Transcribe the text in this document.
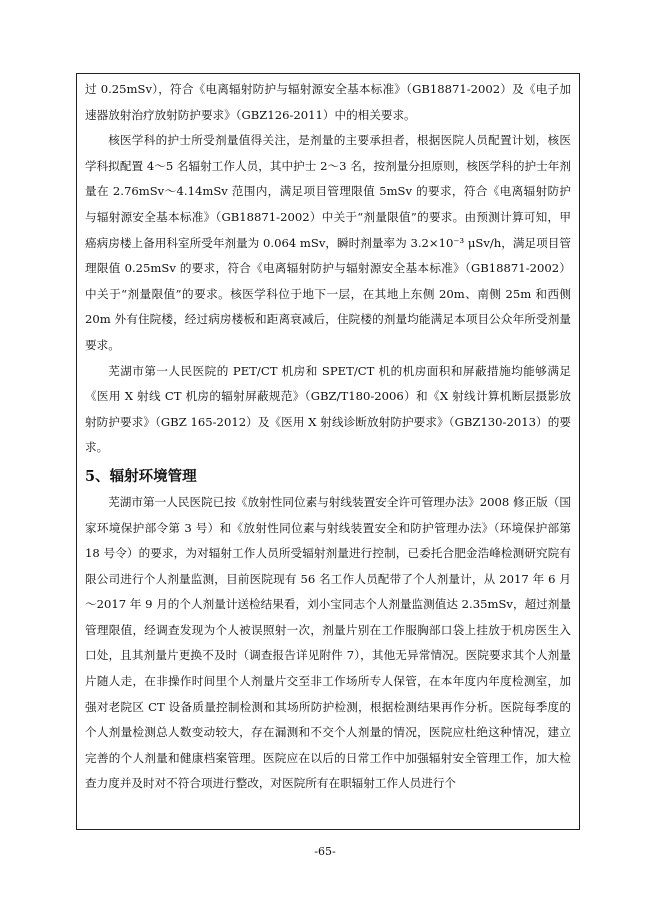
过 0.25mSv），符合《电离辐射防护与辐射源安全基本标准》（GB18871-2002）及《电子加速器放射治疗放射防护要求》（GBZ126-2011）中的相关要求。

核医学科的护士所受剂量值得关注，是剂量的主要承担者，根据医院人员配置计划，核医学科拟配置 4～5 名辐射工作人员，其中护士 2～3 名，按剂量分担原则，核医学科的护士年剂量在 2.76mSv～4.14mSv 范围内，满足项目管理限值 5mSv 的要求，符合《电离辐射防护与辐射源安全基本标准》（GB18871-2002）中关于“剂量限值”的要求。由预测计算可知，甲癌病房楼上备用科室所受年剂量为 0.064 mSv，瞬时剂量率为 3.2×10⁻³ μSv/h，满足项目管理限值 0.25mSv 的要求，符合《电离辐射防护与辐射源安全基本标准》（GB18871-2002）中关于“剂量限值”的要求。核医学科位于地下一层，在其地上东侧 20m、南侧 25m 和西侧 20m 外有住院楼，经过病房楼板和距离衰减后，住院楼的剂量均能满足本项目公众年所受剂量要求。

芜湖市第一人民医院的 PET/CT 机房和 SPET/CT 机的机房面积和屏蔽措施均能够满足《医用 X 射线 CT 机房的辐射屏蔽规范》（GBZ/T180-2006）和《X 射线计算机断层摄影放射防护要求》（GBZ 165-2012）及《医用 X 射线诊断放射防护要求》（GBZ130-2013）的要求。

5、辐射环境管理

芜湖市第一人民医院已按《放射性同位素与射线装置安全许可管理办法》2008 修正版（国家环境保护部令第 3 号）和《放射性同位素与射线装置安全和防护管理办法》（环境保护部第 18 号令）的要求，为对辐射工作人员所受辐射剂量进行控制，已委托合肥金浩峰检测研究院有限公司进行个人剂量监测，目前医院现有 56 名工作人员配带了个人剂量计，从 2017 年 6 月～2017 年 9 月的个人剂量计送检结果看，刘小宝同志个人剂量监测值达 2.35mSv，超过剂量管理限值，经调查发现为个人被误照射一次，剂量片别在工作服胸部口袋上挂放于机房医生入口处，且其剂量片更换不及时（调查报告详见附件 7），其他无异常情况。医院要求其个人剂量片随人走，在非操作时间里个人剂量片交至非工作场所专人保管，在本年度内年度检测室，加强对老院区 CT 设备质量控制检测和其场所防护检测，根据检测结果再作分析。医院每季度的个人剂量检测总人数变动较大，存在漏测和不交个人剂量的情况，医院应杜绝这种情况，建立完善的个人剂量和健康档案管理。医院应在以后的日常工作中加强辐射安全管理工作，加大检查力度并及时对不符合项进行整改，对医院所有在职辐射工作人员进行个

-65-
